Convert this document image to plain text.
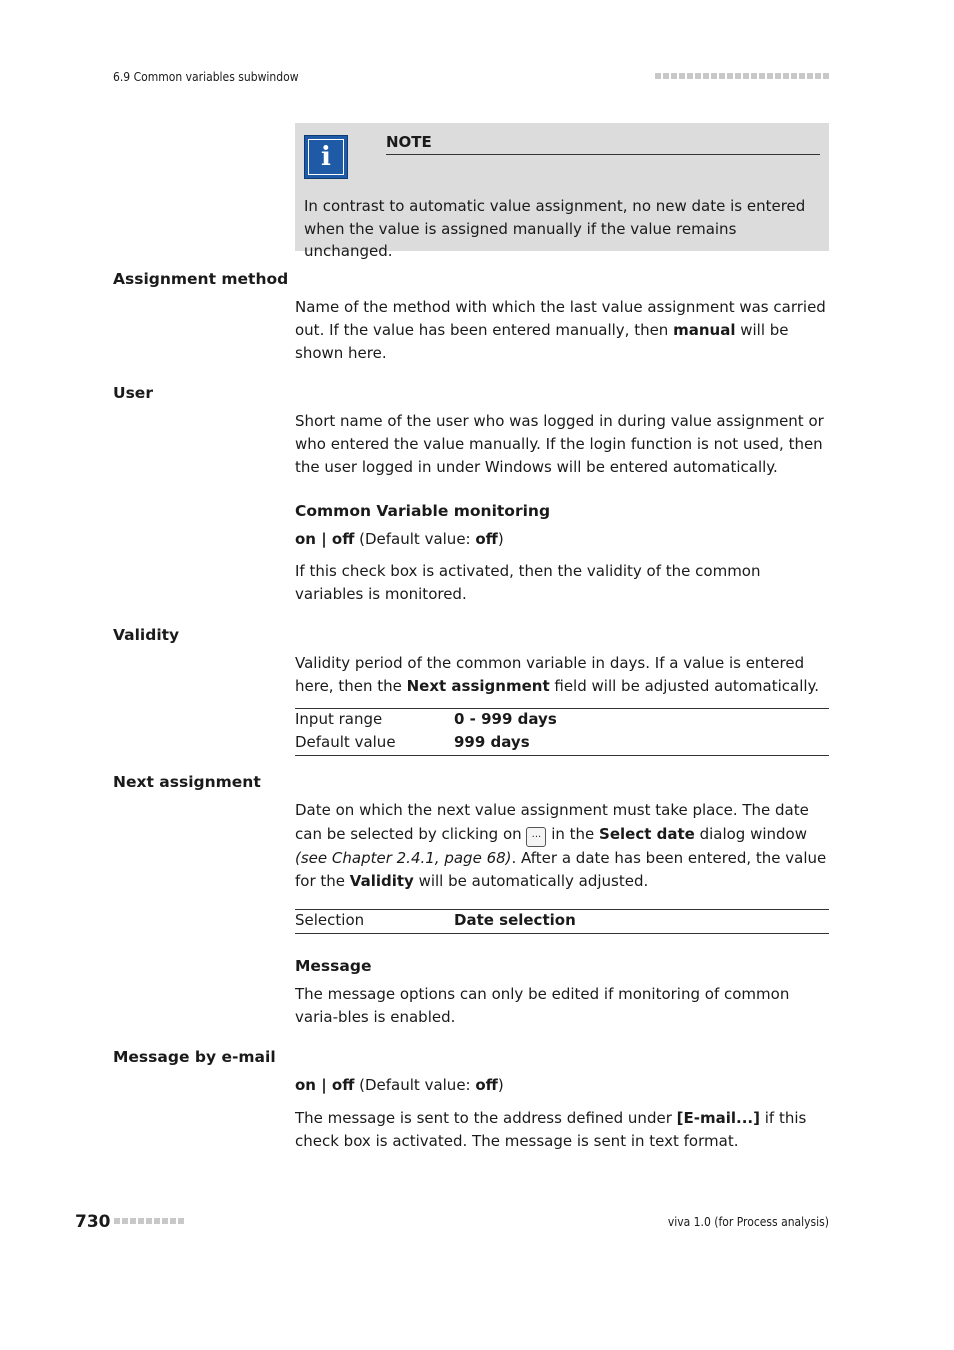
6.9 Common variables subwindow
i	NOTE
In contrast to automatic value assignment, no new date is entered when the value is assigned manually if the value remains unchanged.
Assignment method
Name of the method with which the last value assignment was carried out. If the value has been entered manually, then manual will be shown here.
User
Short name of the user who was logged in during value assignment or who entered the value manually. If the login function is not used, then the user logged in under Windows will be entered automatically.
Common Variable monitoring
on | off (Default value: off)
If this check box is activated, then the validity of the common variables is monitored.
Validity
Validity period of the common variable in days. If a value is entered here, then the Next assignment field will be adjusted automatically.
Input range	0 - 999 days
Default value	999 days
Next assignment
Date on which the next value assignment must take place. The date can be selected by clicking on ... in the Select date dialog window (see Chapter 2.4.1, page 68). After a date has been entered, the value for the Validity will be automatically adjusted.
Selection	Date selection
Message
The message options can only be edited if monitoring of common varia-bles is enabled.
Message by e-mail
on | off (Default value: off)
The message is sent to the address defined under [E-mail...] if this check box is activated. The message is sent in text format.
730	viva 1.0 (for Process analysis)
